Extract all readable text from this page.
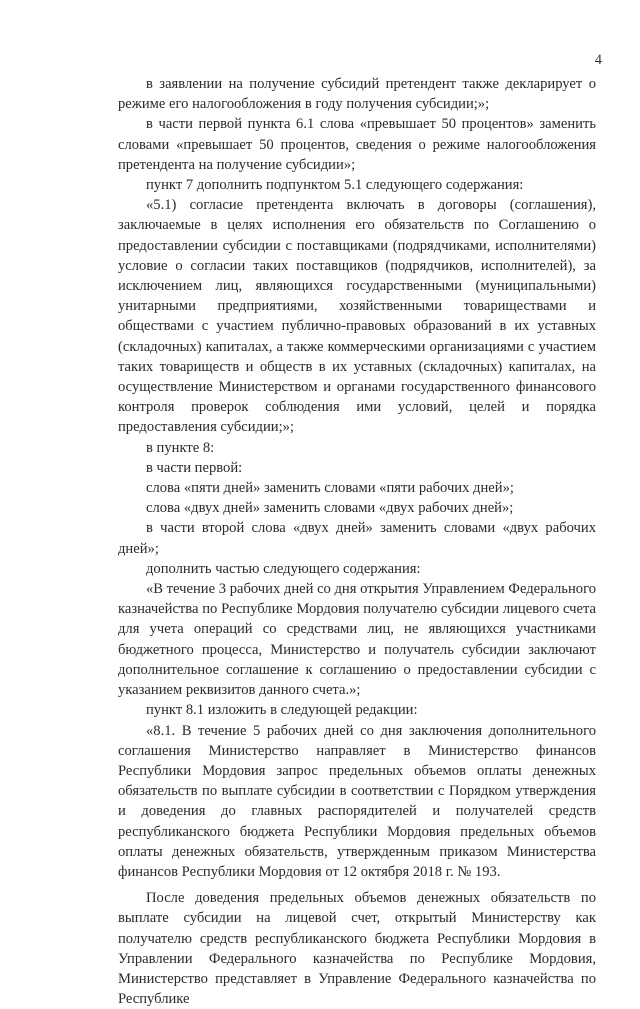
4

в заявлении на получение субсидий претендент также декларирует о режиме его налогообложения в году получения субсидии;»;

в части первой пункта 6.1 слова «превышает 50 процентов» заменить словами «превышает 50 процентов, сведения о режиме налогообложения претендента на получение субсидии»;

пункт 7 дополнить подпунктом 5.1 следующего содержания:

«5.1) согласие претендента включать в договоры (соглашения), заключаемые в целях исполнения его обязательств по Соглашению о предоставлении субсидии с поставщиками (подрядчиками, исполнителями) условие о согласии таких поставщиков (подрядчиков, исполнителей), за исключением лиц, являющихся государственными (муниципальными) унитарными предприятиями, хозяйственными товариществами и обществами с участием публично-правовых образований в их уставных (складочных) капиталах, а также коммерческими организациями с участием таких товариществ и обществ в их уставных (складочных) капиталах, на осуществление Министерством и органами государственного финансового контроля проверок соблюдения ими условий, целей и порядка предоставления субсидии;»;

в пункте 8:

в части первой:

слова «пяти дней» заменить словами «пяти рабочих дней»;

слова «двух дней» заменить словами «двух рабочих дней»;

в части второй слова «двух дней» заменить словами «двух рабочих дней»;

дополнить частью следующего содержания:

«В течение 3 рабочих дней со дня открытия Управлением Федерального казначейства по Республике Мордовия получателю субсидии лицевого счета для учета операций со средствами лиц, не являющихся участниками бюджетного процесса, Министерство и получатель субсидии заключают дополнительное соглашение к соглашению о предоставлении субсидии с указанием реквизитов данного счета.»;

пункт 8.1 изложить в следующей редакции:

«8.1. В течение 5 рабочих дней со дня заключения дополнительного соглашения Министерство направляет в Министерство финансов Республики Мордовия запрос предельных объемов оплаты денежных обязательств по выплате субсидии в соответствии с Порядком утверждения и доведения до главных распорядителей и получателей средств республиканского бюджета Республики Мордовия предельных объемов оплаты денежных обязательств, утвержденным приказом Министерства финансов Республики Мордовия от 12 октября 2018 г. № 193.

После доведения предельных объемов денежных обязательств по выплате субсидии на лицевой счет, открытый Министерству как получателю средств республиканского бюджета Республики Мордовия в Управлении Федерального казначейства по Республике Мордовия, Министерство представляет в Управление Федерального казначейства по Республике
